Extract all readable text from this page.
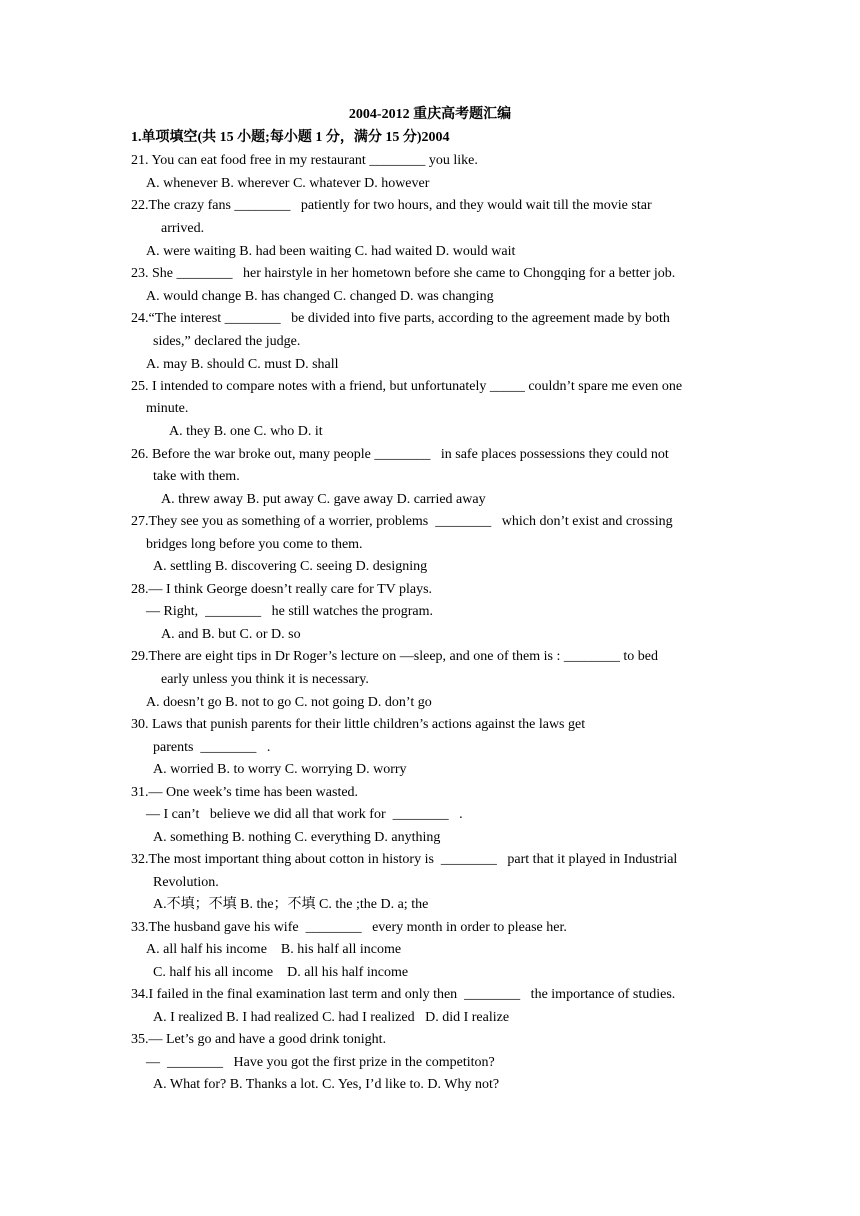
2004-2012 重庆高考题汇编
1.单项填空(共 15 小题;每小题 1 分，满分 15 分)2004
21. You can eat food free in my restaurant ________ you like.
A. whenever B. wherever C. whatever D. however
22.The crazy fans ________   patiently for two hours, and they would wait till the movie star
arrived.
A. were waiting B. had been waiting C. had waited D. would wait
23. She ________   her hairstyle in her hometown before she came to Chongqing for a better job.
A. would change B. has changed C. changed D. was changing
24.“The interest ________   be divided into five parts, according to the agreement made by both
sides,” declared the judge.
A. may B. should C. must D. shall
25. I intended to compare notes with a friend, but unfortunately _____ couldn’t spare me even one
minute.
A. they B. one C. who D. it
26. Before the war broke out, many people ________   in safe places possessions they could not
take with them.
A. threw away B. put away C. gave away D. carried away
27.They see you as something of a worrier, problems  ________   which don’t exist and crossing
bridges long before you come to them.
A. settling B. discovering C. seeing D. designing
28.— I think George doesn’t really care for TV plays.
— Right,  ________   he still watches the program.
A. and B. but C. or D. so
29.There are eight tips in Dr Roger’s lecture on —sleep, and one of them is : ________ to bed
early unless you think it is necessary.
A. doesn’t go B. not to go C. not going D. don’t go
30. Laws that punish parents for their little children’s actions against the laws get
parents  ________   .
A. worried B. to worry C. worrying D. worry
31.— One week’s time has been wasted.
— I can’t   believe we did all that work for  ________   .
A. something B. nothing C. everything D. anything
32.The most important thing about cotton in history is  ________   part that it played in Industrial
Revolution.
A.不填；不填 B. the；不填 C. the ;the D. a; the
33.The husband gave his wife  ________   every month in order to please her.
A. all half his income    B. his half all income
C. half his all income    D. all his half income
34.I failed in the final examination last term and only then  ________   the importance of studies.
A. I realized B. I had realized C. had I realized   D. did I realize
35.— Let’s go and have a good drink tonight.
—  ________   Have you got the first prize in the competiton?
A. What for? B. Thanks a lot. C. Yes, I’d like to. D. Why not?
